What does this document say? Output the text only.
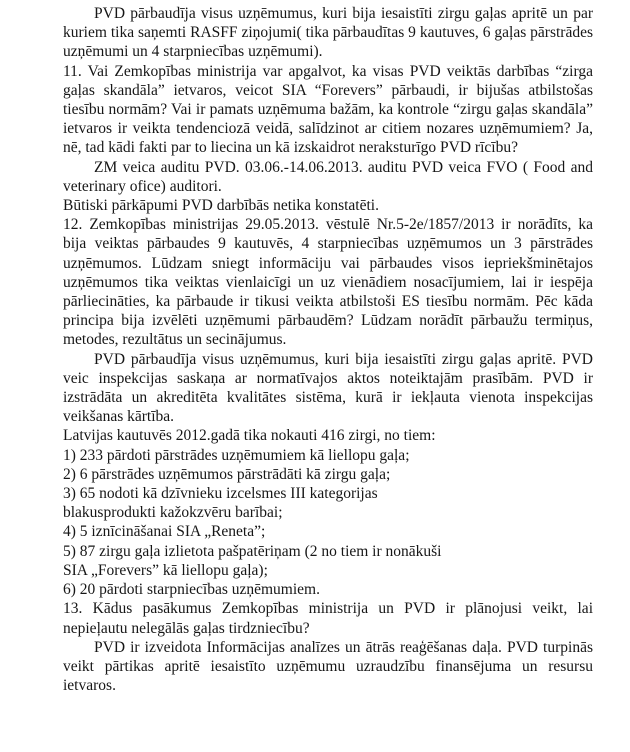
PVD pārbaudīja visus uzņēmumus, kuri bija iesaistīti zirgu gaļas apritē un par kuriem tika saņemti RASFF ziņojumi( tika pārbaudītas 9 kautuves, 6 gaļas pārstrādes uzņēmumi un 4 starpniecības uzņēmumi).

11. Vai Zemkopības ministrija var apgalvot, ka visas PVD veiktās darbības “zirga gaļas skandāla” ietvaros, veicot SIA “Forevers” pārbaudi, ir bijušas atbilstošas tiesību normām? Vai ir pamats uzņēmuma bažām, ka kontrole “zirgu gaļas skandāla” ietvaros ir veikta tendenciozā veidā, salīdzinot ar citiem nozares uzņēmumiem? Ja, nē, tad kādi fakti par to liecina un kā izskaidrot neraksturīgo PVD rīcību?

ZM veica auditu PVD. 03.06.-14.06.2013. auditu PVD veica FVO ( Food and veterinary ofice) auditori.

Būtiski pārkāpumi PVD darbībās netika konstatēti.

12. Zemkopības ministrijas 29.05.2013. vēstulē Nr.5-2e/1857/2013 ir norādīts, ka bija veiktas pārbaudes 9 kautuvēs, 4 starpniecības uzņēmumos un 3 pārstrādes uzņēmumos. Lūdzam sniegt informāciju vai pārbaudes visos iepriekšminētajos uzņēmumos tika veiktas vienlaicīgi un uz vienādiem nosacījumiem, lai ir iespēja pārliecināties, ka pārbaude ir tikusi veikta atbilstoši ES tiesību normām. Pēc kāda principa bija izvēlēti uzņēmumi pārbaudēm? Lūdzam norādīt pārbaužu termiņus, metodes, rezultātus un secinājumus.

PVD pārbaudīja visus uzņēmumus, kuri bija iesaistīti zirgu gaļas apritē. PVD veic inspekcijas saskaņa ar normatīvajos aktos noteiktajām prasībām. PVD ir izstrādāta un akreditēta kvalitātes sistēma, kurā ir iekļauta vienota inspekcijas veikšanas kārtība.

Latvijas kautuvēs 2012.gadā tika nokauti 416 zirgi, no tiem:

1) 233 pārdoti pārstrādes uzņēmumiem kā liellopu gaļa;

2) 6 pārstrādes uzņēmumos pārstrādāti kā zirgu gaļa;

3) 65 nodoti kā dzīvnieku izcelsmes III kategorijas

blakusprodukti kažokzvēru barībai;

4) 5 iznīcināšanai SIA „Reneta”;

5) 87 zirgu gaļa izlietota pašpatēriņam (2 no tiem ir nonākuši

SIA „Forevers” kā liellopu gaļa);

6) 20 pārdoti starpniecības uzņēmumiem.

13. Kādus pasākumus Zemkopības ministrija un PVD ir plānojusi veikt, lai nepieļautu nelegālās gaļas tirdzniecību?

PVD ir izveidota Informācijas analīzes un ātrās reaģēšanas daļa. PVD turpinās veikt pārtikas apritē iesaistīto uzņēmumu uzraudzību finansējuma un resursu ietvaros.
